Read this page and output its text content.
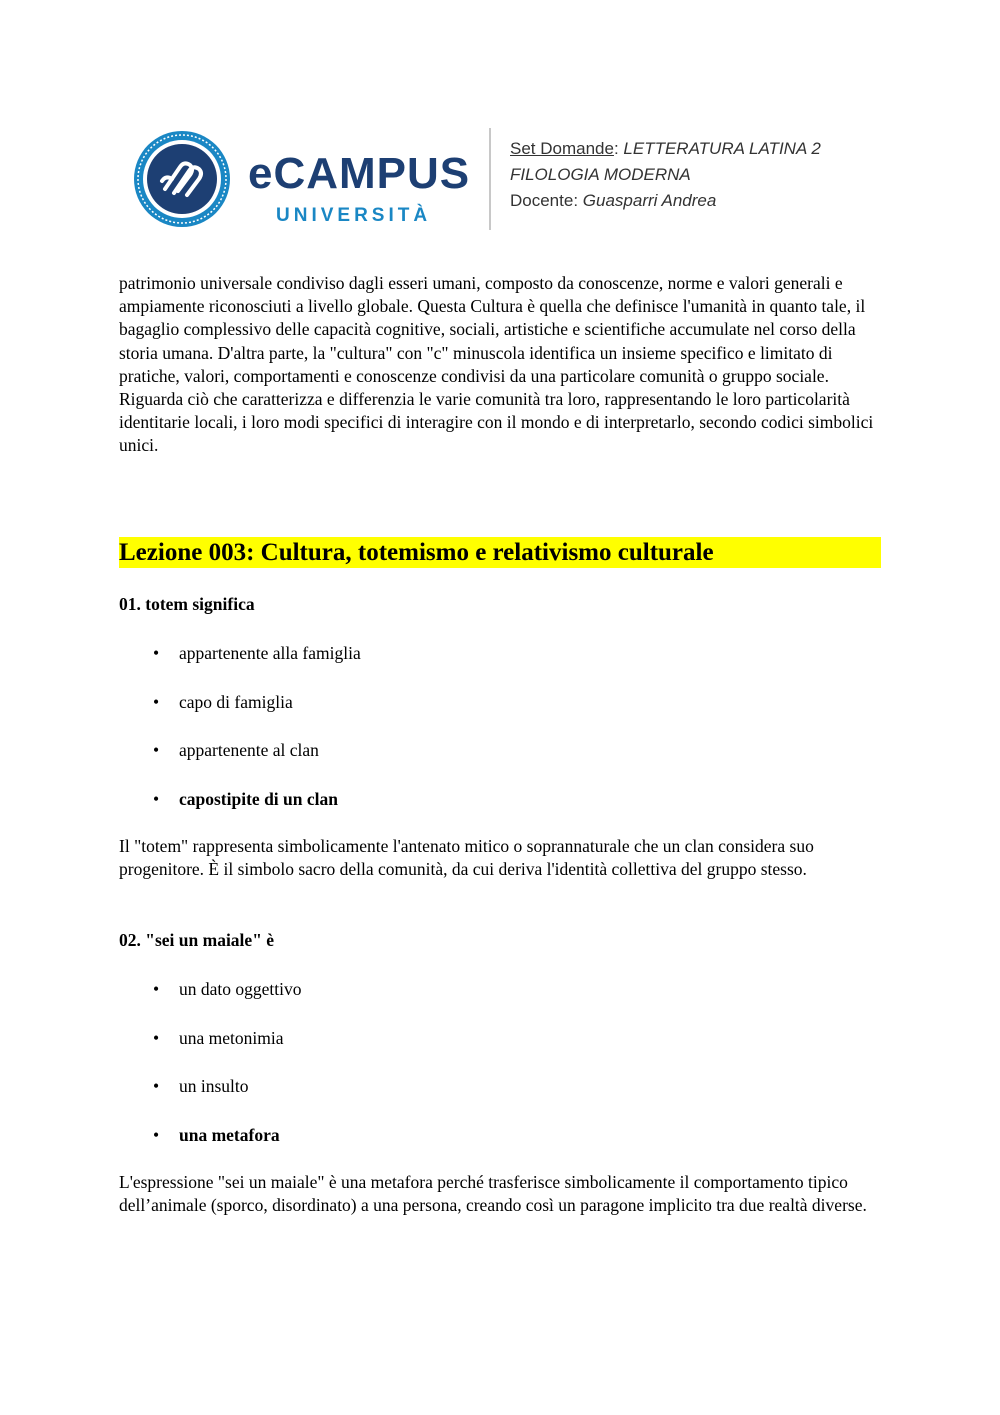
eCAMPUS
UNIVERSITÀ
Set Domande: LETTERATURA LATINA 2
FILOLOGIA MODERNA
Docente: Guasparri Andrea

patrimonio universale condiviso dagli esseri umani, composto da conoscenze, norme e valori generali e ampiamente riconosciuti a livello globale. Questa Cultura è quella che definisce l'umanità in quanto tale, il bagaglio complessivo delle capacità cognitive, sociali, artistiche e scientifiche accumulate nel corso della storia umana. D'altra parte, la "cultura" con "c" minuscola identifica un insieme specifico e limitato di pratiche, valori, comportamenti e conoscenze condivisi da una particolare comunità o gruppo sociale. Riguarda ciò che caratterizza e differenzia le varie comunità tra loro, rappresentando le loro particolarità identitarie locali, i loro modi specifici di interagire con il mondo e di interpretarlo, secondo codici simbolici unici.

Lezione 003: Cultura, totemismo e relativismo culturale
01. totem significa
• appartenente alla famiglia
• capo di famiglia
• appartenente al clan
• capostipite di un clan

Il "totem" rappresenta simbolicamente l'antenato mitico o soprannaturale che un clan considera suo progenitore. È il simbolo sacro della comunità, da cui deriva l'identità collettiva del gruppo stesso.

02. "sei un maiale" è
• un dato oggettivo
• una metonimia
• un insulto
• una metafora

L'espressione "sei un maiale" è una metafora perché trasferisce simbolicamente il comportamento tipico dell’animale (sporco, disordinato) a una persona, creando così un paragone implicito tra due realtà diverse.
